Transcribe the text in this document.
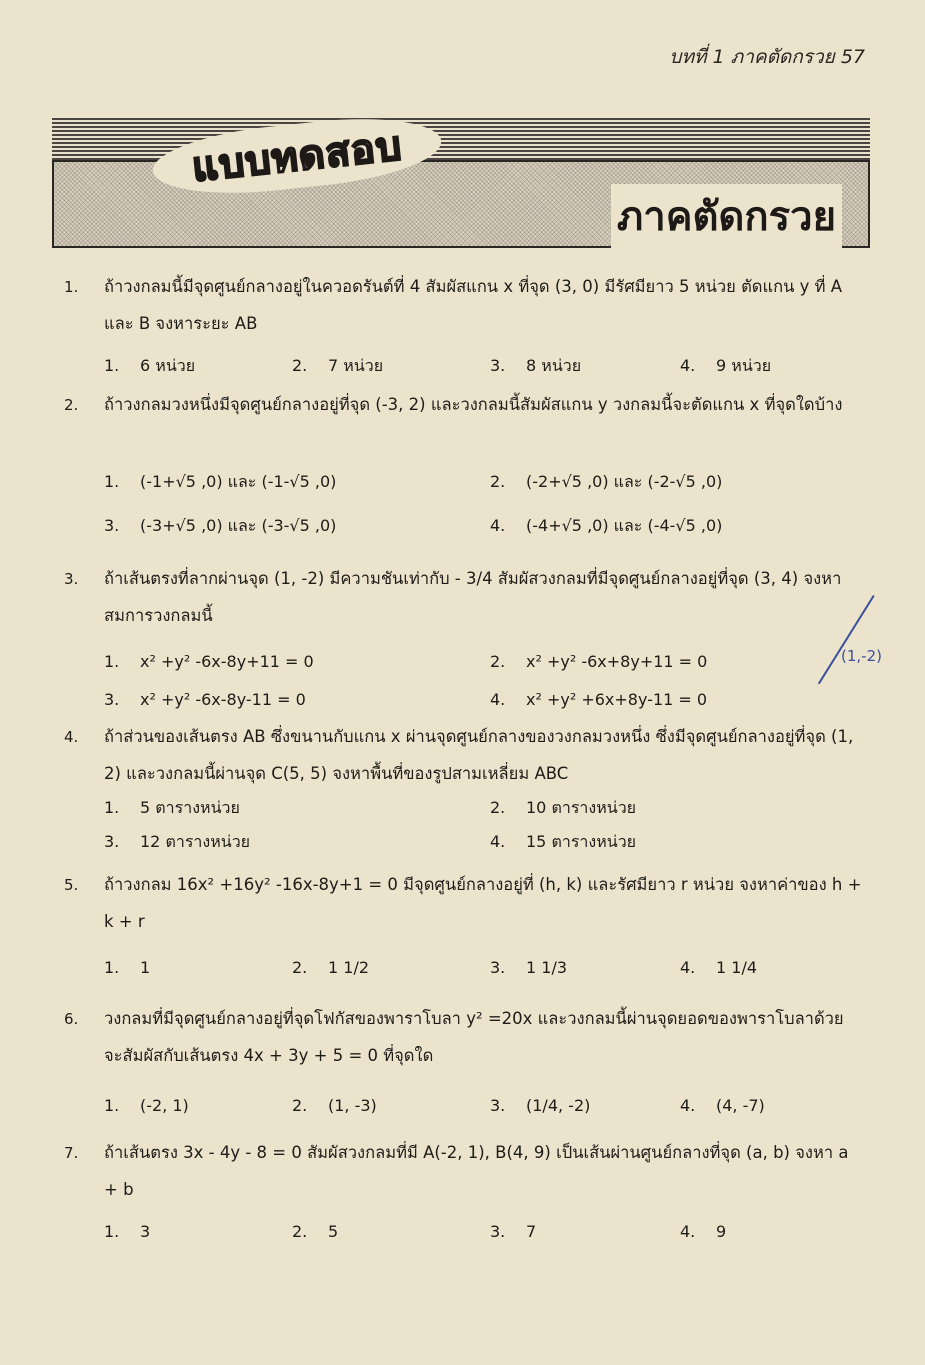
บทที่ 1 ภาคตัดกรวย 57
แบบทดสอบ
ภาคตัดกรวย
1. ถ้าวงกลมนี้มีจุดศูนย์กลางอยู่ในควอดรันต์ที่ 4 สัมผัสแกน x ที่จุด (3, 0) มีรัศมียาว 5 หน่วย ตัดแกน y ที่ A และ B จงหาระยะ AB
1. 6 หน่วย	2. 7 หน่วย	3. 8 หน่วย	4. 9 หน่วย
2. ถ้าวงกลมวงหนึ่งมีจุดศูนย์กลางอยู่ที่จุด (-3, 2) และวงกลมนี้สัมผัสแกน y วงกลมนี้จะตัดแกน x ที่จุดใดบ้าง
1. (-1+√5 ,0) และ (-1-√5 ,0)	2. (-2+√5 ,0) และ (-2-√5 ,0)
3. (-3+√5 ,0) และ (-3-√5 ,0)	4. (-4+√5 ,0) และ (-4-√5 ,0)
3. ถ้าเส้นตรงที่ลากผ่านจุด (1, -2) มีความชันเท่ากับ - 3/4 สัมผัสวงกลมที่มีจุดศูนย์กลางอยู่ที่จุด (3, 4) จงหาสมการวงกลมนี้
1. x² +y² -6x-8y+11 = 0	2. x² +y² -6x+8y+11 = 0
3. x² +y² -6x-8y-11 = 0	4. x² +y² +6x+8y-11 = 0
(1,-2)
4. ถ้าส่วนของเส้นตรง AB ซึ่งขนานกับแกน x ผ่านจุดศูนย์กลางของวงกลมวงหนึ่ง ซึ่งมีจุดศูนย์กลางอยู่ที่จุด (1, 2) และวงกลมนี้ผ่านจุด C(5, 5) จงหาพื้นที่ของรูปสามเหลี่ยม ABC
1. 5 ตารางหน่วย	2. 10 ตารางหน่วย
3. 12 ตารางหน่วย	4. 15 ตารางหน่วย
5. ถ้าวงกลม 16x² +16y² -16x-8y+1 = 0 มีจุดศูนย์กลางอยู่ที่ (h, k) และรัศมียาว r หน่วย จงหาค่าของ h + k + r
1. 1	2. 1 1/2	3. 1 1/3	4. 1 1/4
6. วงกลมที่มีจุดศูนย์กลางอยู่ที่จุดโฟกัสของพาราโบลา y² =20x และวงกลมนี้ผ่านจุดยอดของพาราโบลาด้วย จะสัมผัสกับเส้นตรง 4x + 3y + 5 = 0 ที่จุดใด
1. (-2, 1)	2. (1, -3)	3. (1/4, -2)	4. (4, -7)
7. ถ้าเส้นตรง 3x - 4y - 8 = 0 สัมผัสวงกลมที่มี A(-2, 1), B(4, 9) เป็นเส้นผ่านศูนย์กลางที่จุด (a, b) จงหา a + b
1. 3	2. 5	3. 7	4. 9
